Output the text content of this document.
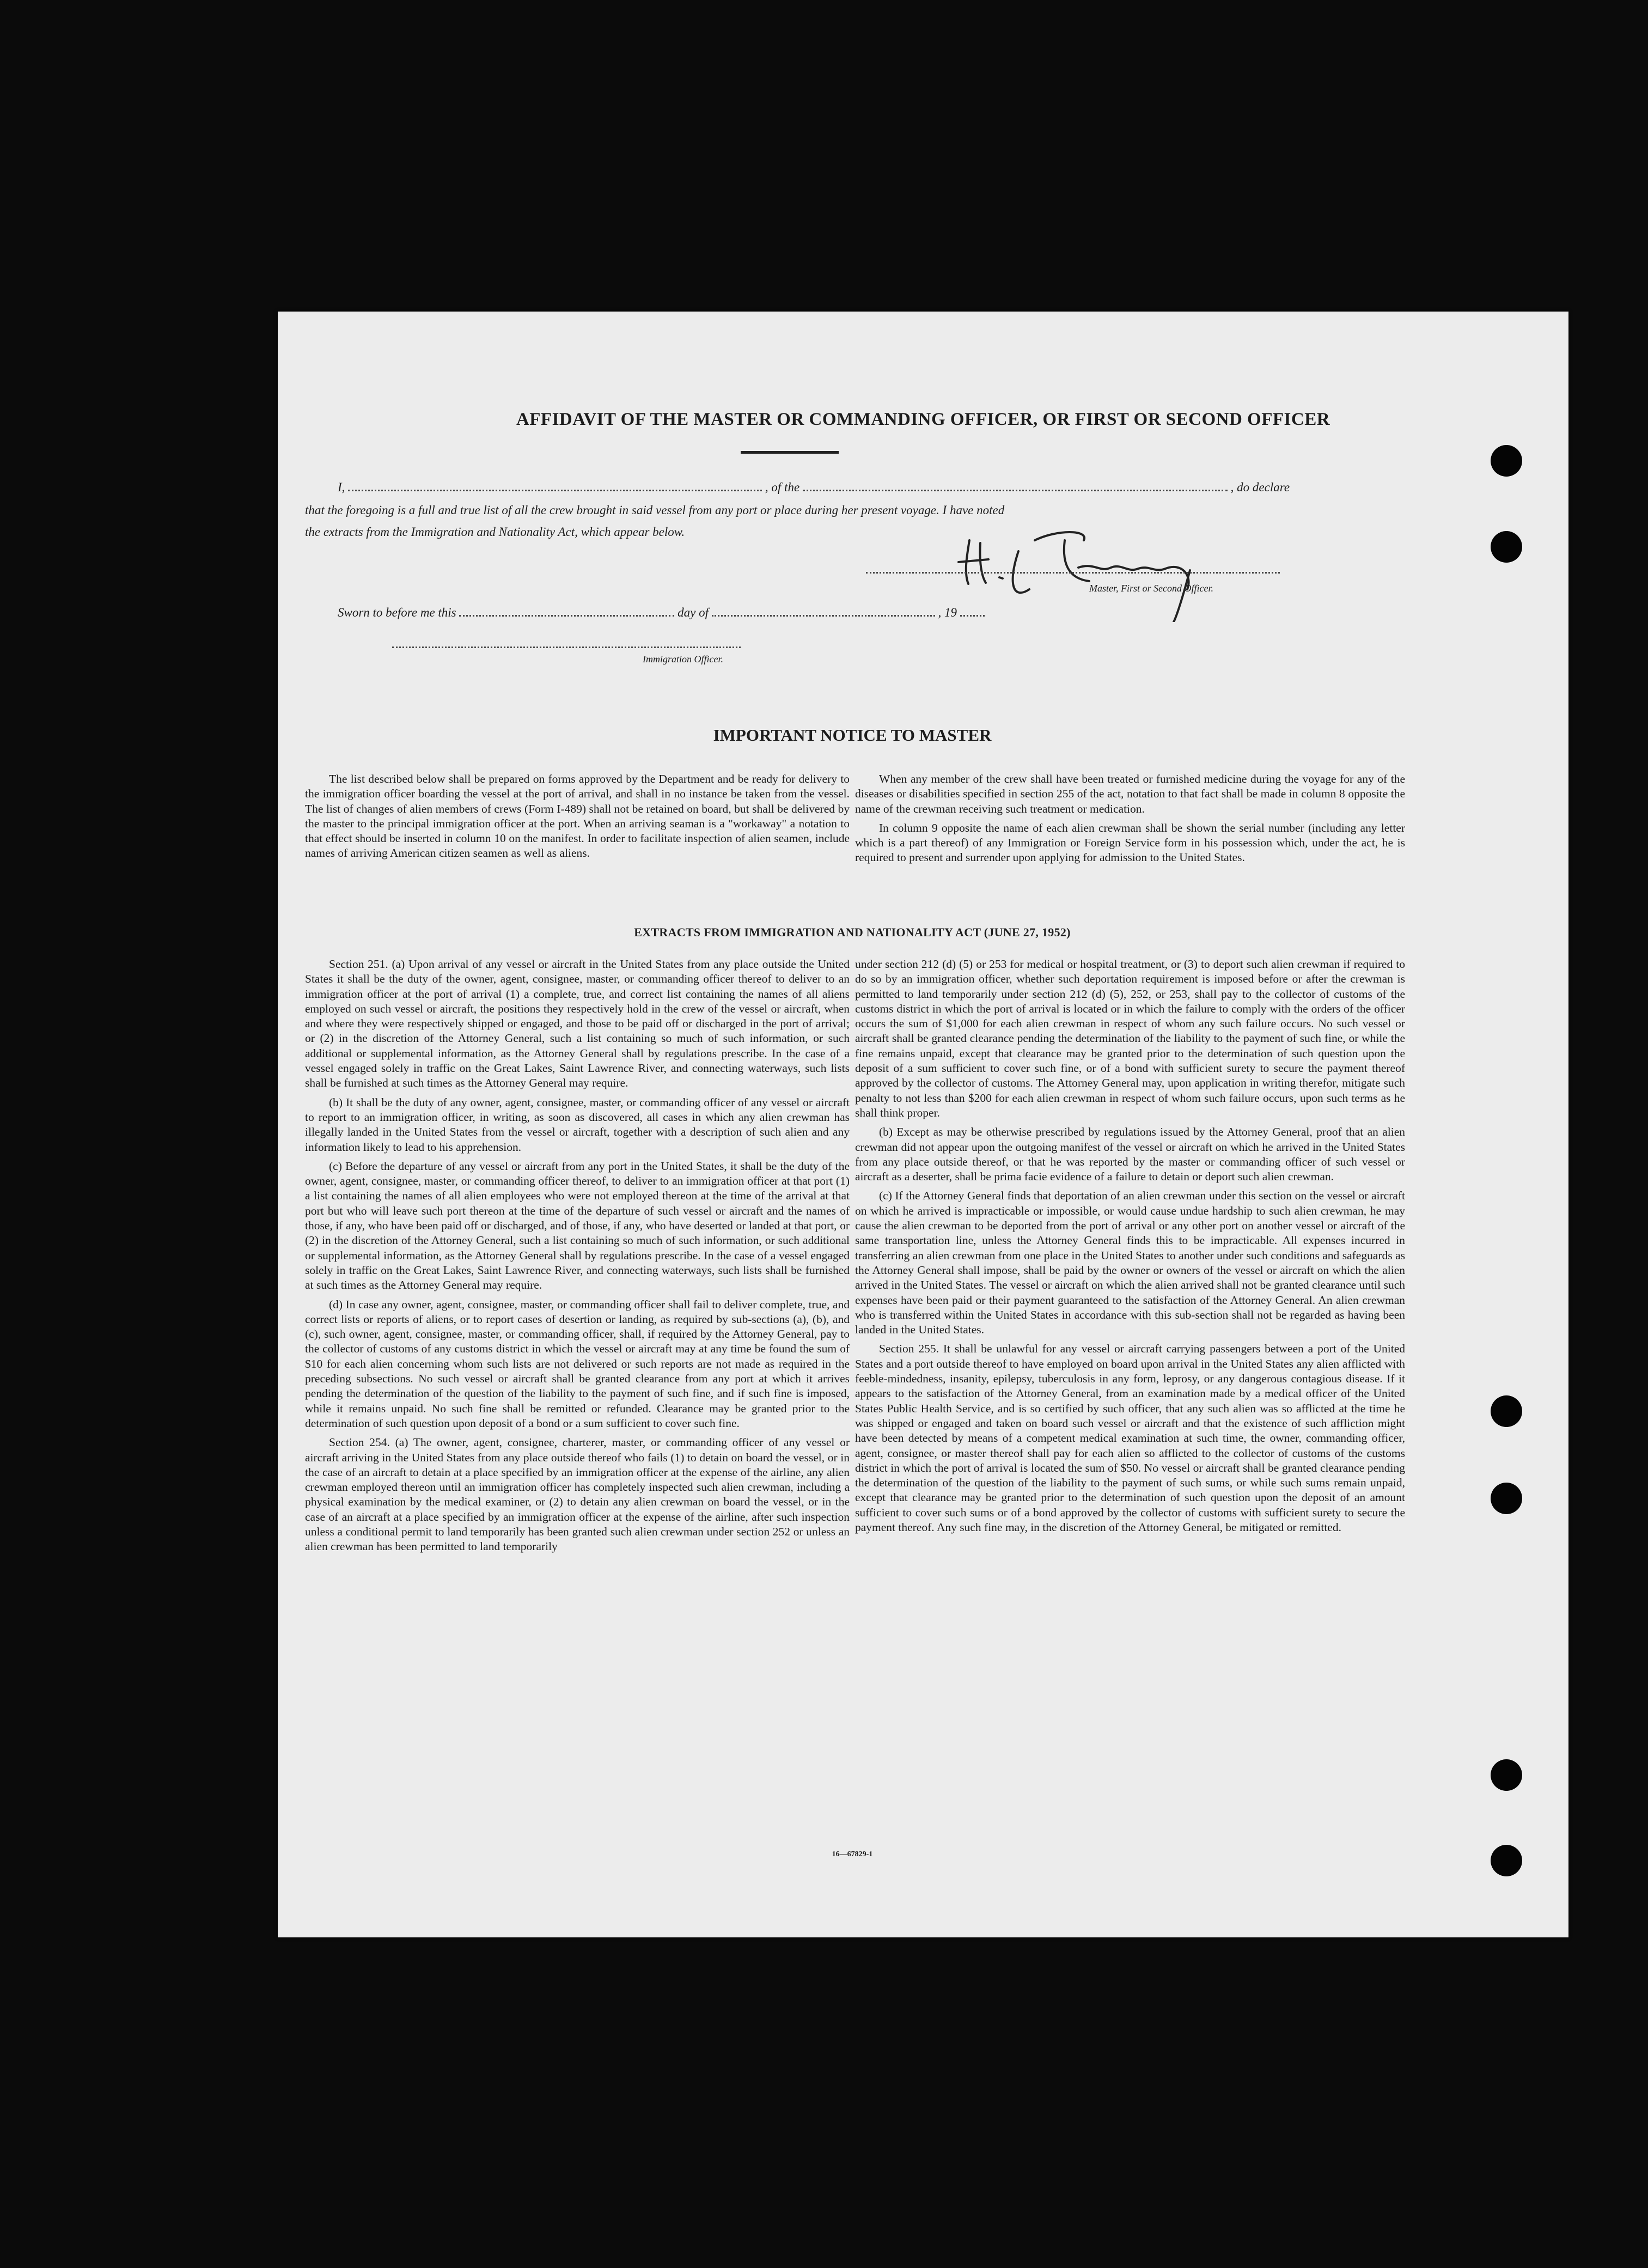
AFFIDAVIT OF THE MASTER OR COMMANDING OFFICER, OR FIRST OR SECOND OFFICER
I,	, of the	, do declare
that the foregoing is a full and true list of all the crew brought in said vessel from any port or place during her present voyage. I have noted
the extracts from the Immigration and Nationality Act, which appear below.
Master, First or Second Officer.
Sworn to before me this	day of	, 19
Immigration Officer.
IMPORTANT NOTICE TO MASTER

The list described below shall be prepared on forms approved by the Department and be ready for delivery to the immigration officer boarding the vessel at the port of arrival, and shall in no instance be taken from the vessel. The list of changes of alien members of crews (Form I-489) shall not be retained on board, but shall be delivered by the master to the principal immigration officer at the port. When an arriving seaman is a "workaway" a notation to that effect should be inserted in column 10 on the manifest. In order to facilitate inspection of alien seamen, include names of arriving American citizen seamen as well as aliens.

When any member of the crew shall have been treated or furnished medicine during the voyage for any of the diseases or disabilities specified in section 255 of the act, notation to that fact shall be made in column 8 opposite the name of the crewman receiving such treatment or medication.

In column 9 opposite the name of each alien crewman shall be shown the serial number (including any letter which is a part thereof) of any Immigration or Foreign Service form in his possession which, under the act, he is required to present and surrender upon applying for admission to the United States.

EXTRACTS FROM IMMIGRATION AND NATIONALITY ACT (JUNE 27, 1952)

Section 251. (a) Upon arrival of any vessel or aircraft in the United States from any place outside the United States it shall be the duty of the owner, agent, consignee, master, or commanding officer thereof to deliver to an immigration officer at the port of arrival (1) a complete, true, and correct list containing the names of all aliens employed on such vessel or aircraft, the positions they respectively hold in the crew of the vessel or aircraft, when and where they were respectively shipped or engaged, and those to be paid off or discharged in the port of arrival; or (2) in the discretion of the Attorney General, such a list containing so much of such information, or such additional or supplemental information, as the Attorney General shall by regulations prescribe. In the case of a vessel engaged solely in traffic on the Great Lakes, Saint Lawrence River, and connecting waterways, such lists shall be furnished at such times as the Attorney General may require.

(b) It shall be the duty of any owner, agent, consignee, master, or commanding officer of any vessel or aircraft to report to an immigration officer, in writing, as soon as discovered, all cases in which any alien crewman has illegally landed in the United States from the vessel or aircraft, together with a description of such alien and any information likely to lead to his apprehension.

(c) Before the departure of any vessel or aircraft from any port in the United States, it shall be the duty of the owner, agent, consignee, master, or commanding officer thereof, to deliver to an immigration officer at that port (1) a list containing the names of all alien employees who were not employed thereon at the time of the arrival at that port but who will leave such port thereon at the time of the departure of such vessel or aircraft and the names of those, if any, who have been paid off or discharged, and of those, if any, who have deserted or landed at that port, or (2) in the discretion of the Attorney General, such a list containing so much of such information, or such additional or supplemental information, as the Attorney General shall by regulations prescribe. In the case of a vessel engaged solely in traffic on the Great Lakes, Saint Lawrence River, and connecting waterways, such lists shall be furnished at such times as the Attorney General may require.

(d) In case any owner, agent, consignee, master, or commanding officer shall fail to deliver complete, true, and correct lists or reports of aliens, or to report cases of desertion or landing, as required by sub-sections (a), (b), and (c), such owner, agent, consignee, master, or commanding officer, shall, if required by the Attorney General, pay to the collector of customs of any customs district in which the vessel or aircraft may at any time be found the sum of $10 for each alien concerning whom such lists are not delivered or such reports are not made as required in the preceding subsections. No such vessel or aircraft shall be granted clearance from any port at which it arrives pending the determination of the question of the liability to the payment of such fine, and if such fine is imposed, while it remains unpaid. No such fine shall be remitted or refunded. Clearance may be granted prior to the determination of such question upon deposit of a bond or a sum sufficient to cover such fine.

Section 254. (a) The owner, agent, consignee, charterer, master, or commanding officer of any vessel or aircraft arriving in the United States from any place outside thereof who fails (1) to detain on board the vessel, or in the case of an aircraft to detain at a place specified by an immigration officer at the expense of the airline, any alien crewman employed thereon until an immigration officer has completely inspected such alien crewman, including a physical examination by the medical examiner, or (2) to detain any alien crewman on board the vessel, or in the case of an aircraft at a place specified by an immigration officer at the expense of the airline, after such inspection unless a conditional permit to land temporarily has been granted such alien crewman under section 252 or unless an alien crewman has been permitted to land temporarily

under section 212 (d) (5) or 253 for medical or hospital treatment, or (3) to deport such alien crewman if required to do so by an immigration officer, whether such deportation requirement is imposed before or after the crewman is permitted to land temporarily under section 212 (d) (5), 252, or 253, shall pay to the collector of customs of the customs district in which the port of arrival is located or in which the failure to comply with the orders of the officer occurs the sum of $1,000 for each alien crewman in respect of whom any such failure occurs. No such vessel or aircraft shall be granted clearance pending the determination of the liability to the payment of such fine, or while the fine remains unpaid, except that clearance may be granted prior to the determination of such question upon the deposit of a sum sufficient to cover such fine, or of a bond with sufficient surety to secure the payment thereof approved by the collector of customs. The Attorney General may, upon application in writing therefor, mitigate such penalty to not less than $200 for each alien crewman in respect of whom such failure occurs, upon such terms as he shall think proper.

(b) Except as may be otherwise prescribed by regulations issued by the Attorney General, proof that an alien crewman did not appear upon the outgoing manifest of the vessel or aircraft on which he arrived in the United States from any place outside thereof, or that he was reported by the master or commanding officer of such vessel or aircraft as a deserter, shall be prima facie evidence of a failure to detain or deport such alien crewman.

(c) If the Attorney General finds that deportation of an alien crewman under this section on the vessel or aircraft on which he arrived is impracticable or impossible, or would cause undue hardship to such alien crewman, he may cause the alien crewman to be deported from the port of arrival or any other port on another vessel or aircraft of the same transportation line, unless the Attorney General finds this to be impracticable. All expenses incurred in transferring an alien crewman from one place in the United States to another under such conditions and safeguards as the Attorney General shall impose, shall be paid by the owner or owners of the vessel or aircraft on which the alien arrived in the United States. The vessel or aircraft on which the alien arrived shall not be granted clearance until such expenses have been paid or their payment guaranteed to the satisfaction of the Attorney General. An alien crewman who is transferred within the United States in accordance with this sub-section shall not be regarded as having been landed in the United States.

Section 255. It shall be unlawful for any vessel or aircraft carrying passengers between a port of the United States and a port outside thereof to have employed on board upon arrival in the United States any alien afflicted with feeble-mindedness, insanity, epilepsy, tuberculosis in any form, leprosy, or any dangerous contagious disease. If it appears to the satisfaction of the Attorney General, from an examination made by a medical officer of the United States Public Health Service, and is so certified by such officer, that any such alien was so afflicted at the time he was shipped or engaged and taken on board such vessel or aircraft and that the existence of such affliction might have been detected by means of a competent medical examination at such time, the owner, commanding officer, agent, consignee, or master thereof shall pay for each alien so afflicted to the collector of customs of the customs district in which the port of arrival is located the sum of $50. No vessel or aircraft shall be granted clearance pending the determination of the question of the liability to the payment of such sums, or while such sums remain unpaid, except that clearance may be granted prior to the determination of such question upon the deposit of an amount sufficient to cover such sums or of a bond approved by the collector of customs with sufficient surety to secure the payment thereof. Any such fine may, in the discretion of the Attorney General, be mitigated or remitted.

16—67829-1
